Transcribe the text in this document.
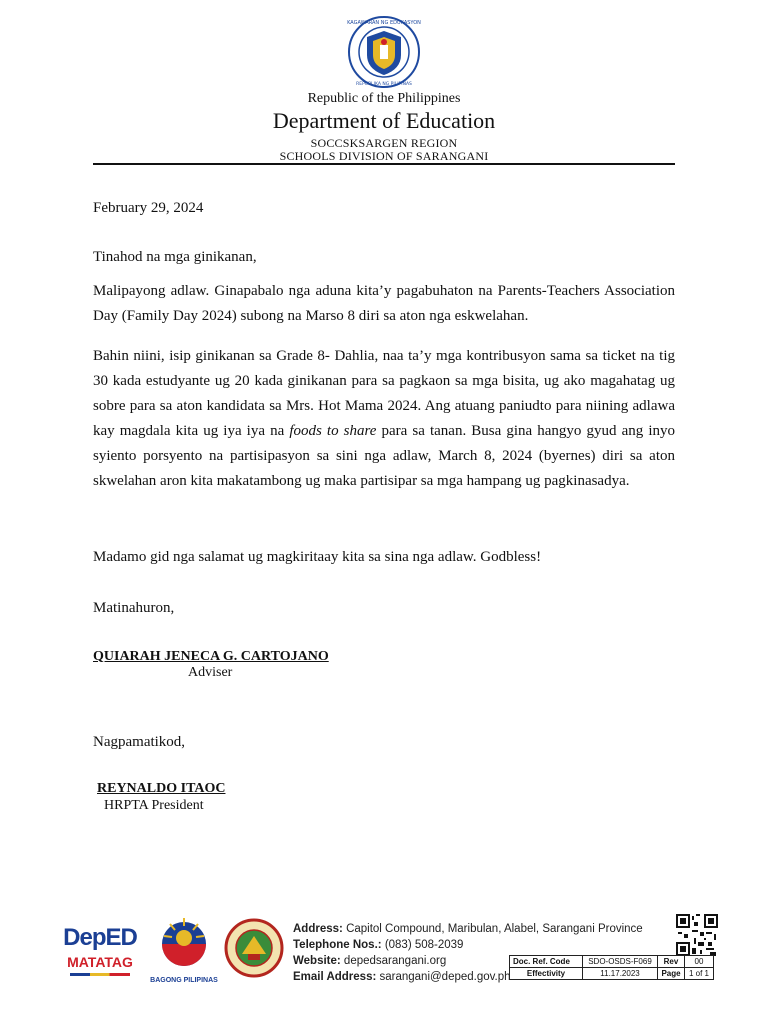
KAGAWARAN NG EDUKASYON
REPUBLIKA NG PILIPINAS
Republic of the Philippines
Department of Education
SOCCSKSARGEN REGION
SCHOOLS DIVISION OF SARANGANI
February 29, 2024
Tinahod na mga ginikanan,
Malipayong adlaw. Ginapabalo nga aduna kita’y pagabuhaton na Parents-Teachers Association Day (Family Day 2024) subong na Marso 8 diri sa aton nga eskwelahan.
Bahin niini, isip ginikanan sa Grade 8- Dahlia, naa ta’y mga kontribusyon sama sa ticket na tig 30 kada estudyante ug 20 kada ginikanan para sa pagkaon sa mga bisita, ug ako magahatag ug sobre para sa aton kandidata sa Mrs. Hot Mama 2024. Ang atuang paniudto para niining adlawa kay magdala kita ug iya iya na foods to share para sa tanan. Busa gina hangyo gyud ang inyo syiento porsyento na partisipasyon sa sini nga adlaw, March 8, 2024 (byernes) diri sa aton skwelahan aron kita makatambong ug maka partisipar sa mga hampang ug pagkinasadya.
Madamo gid nga salamat ug magkiritaay kita sa sina nga adlaw. Godbless!
Matinahuron,
QUIARAH JENECA G. CARTOJANO
Adviser
Nagpamatikod,
REYNALDO ITAOC
HRPTA President
DepED
MATATAG
BAGONG PILIPINAS
Address: Capitol Compound, Maribulan, Alabel, Sarangani Province
Telephone Nos.: (083) 508-2039
Website: depedsarangani.org
Email Address: sarangani@deped.gov.ph
Doc. Ref. Code	SDO-OSDS-F069	Rev	00
Effectivity	11.17.2023	Page	1 of 1
